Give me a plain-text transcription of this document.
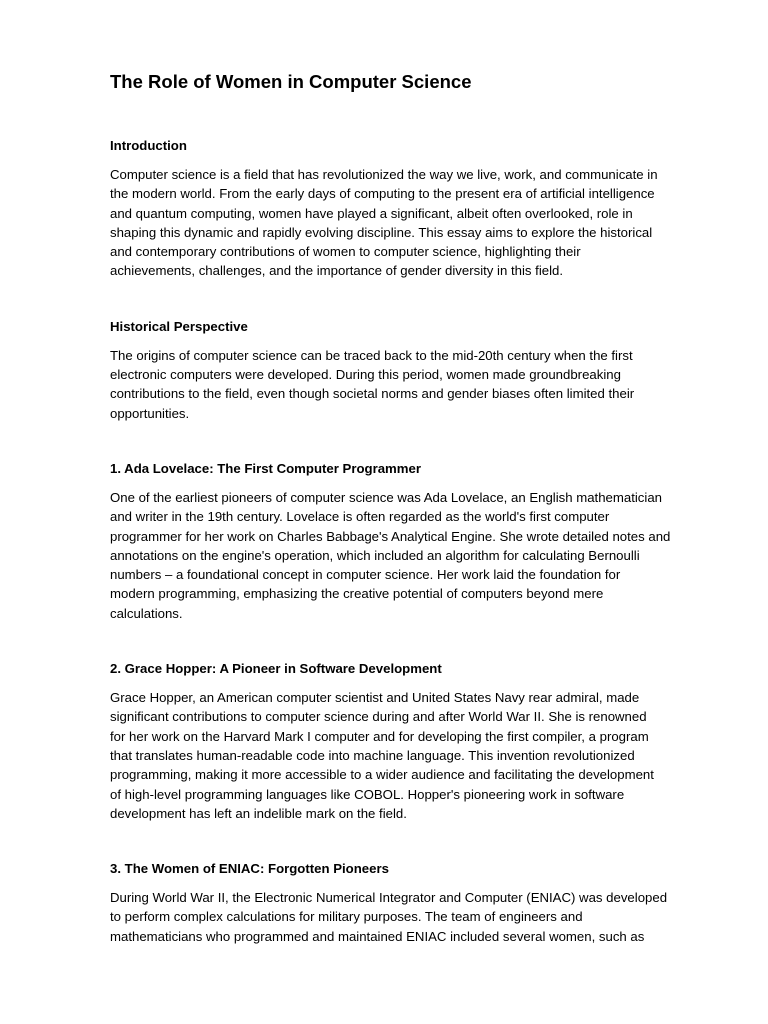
The Role of Women in Computer Science
Introduction

Computer science is a field that has revolutionized the way we live, work, and communicate in
the modern world. From the early days of computing to the present era of artificial intelligence
and quantum computing, women have played a significant, albeit often overlooked, role in
shaping this dynamic and rapidly evolving discipline. This essay aims to explore the historical
and contemporary contributions of women to computer science, highlighting their
achievements, challenges, and the importance of gender diversity in this field.

Historical Perspective

The origins of computer science can be traced back to the mid-20th century when the first
electronic computers were developed. During this period, women made groundbreaking
contributions to the field, even though societal norms and gender biases often limited their
opportunities.

1. Ada Lovelace: The First Computer Programmer

One of the earliest pioneers of computer science was Ada Lovelace, an English mathematician
and writer in the 19th century. Lovelace is often regarded as the world's first computer
programmer for her work on Charles Babbage's Analytical Engine. She wrote detailed notes and
annotations on the engine's operation, which included an algorithm for calculating Bernoulli
numbers – a foundational concept in computer science. Her work laid the foundation for
modern programming, emphasizing the creative potential of computers beyond mere
calculations.

2. Grace Hopper: A Pioneer in Software Development

Grace Hopper, an American computer scientist and United States Navy rear admiral, made
significant contributions to computer science during and after World War II. She is renowned
for her work on the Harvard Mark I computer and for developing the first compiler, a program
that translates human-readable code into machine language. This invention revolutionized
programming, making it more accessible to a wider audience and facilitating the development
of high-level programming languages like COBOL. Hopper's pioneering work in software
development has left an indelible mark on the field.

3. The Women of ENIAC: Forgotten Pioneers

During World War II, the Electronic Numerical Integrator and Computer (ENIAC) was developed
to perform complex calculations for military purposes. The team of engineers and
mathematicians who programmed and maintained ENIAC included several women, such as
